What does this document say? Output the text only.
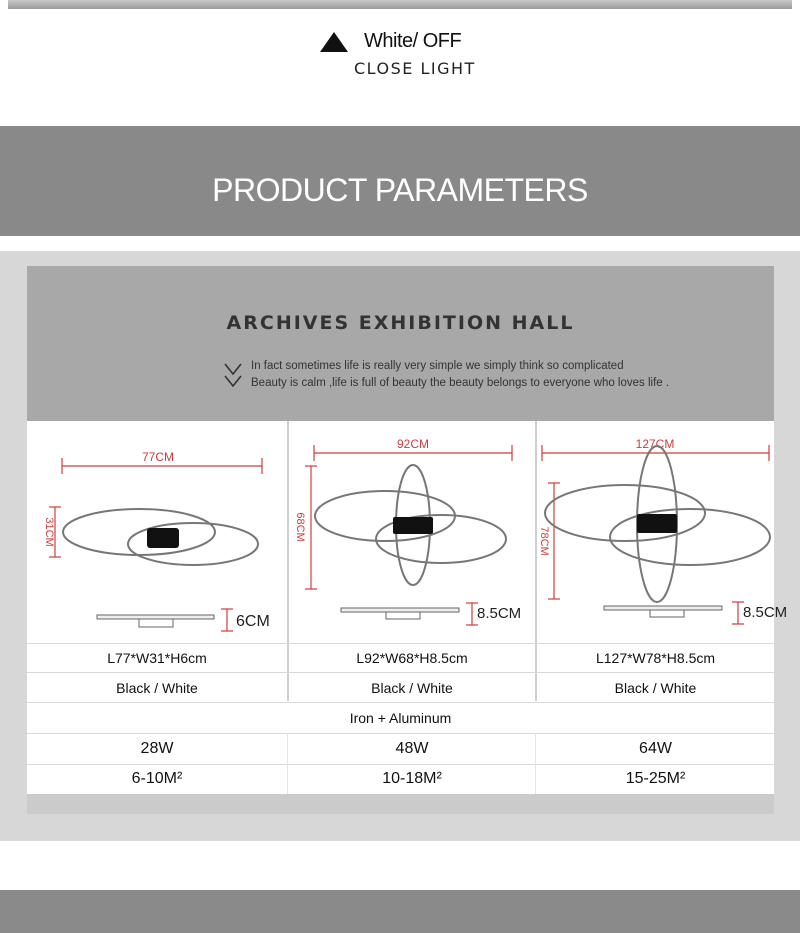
White/ OFF
CLOSE LIGHT
PRODUCT PARAMETERS
ARCHIVES EXHIBITION HALL
In fact sometimes life is really very simple we simply think so complicated
Beauty is calm ,life is full of beauty the beauty belongs to everyone who loves life .
77CM
31CM
6CM
92CM
68CM
8.5CM
127CM
78CM
8.5CM
L77*W31*H6cm	L92*W68*H8.5cm	L127*W78*H8.5cm
Black / White	Black / White	Black / White
Iron + Aluminum
28W	48W	64W
6-10M²	10-18M²	15-25M²
